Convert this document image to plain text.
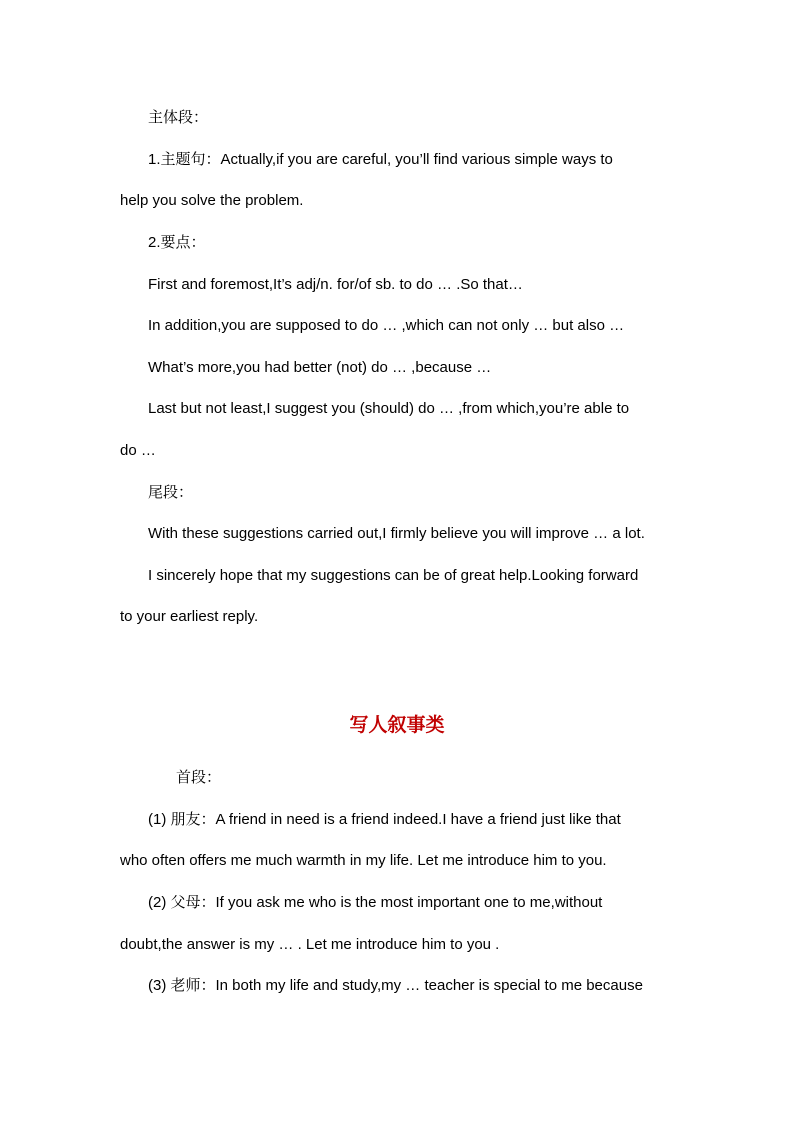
主体段：
1.主题句：Actually,if you are careful, you’ll find various simple ways to
help you solve the problem.
2.要点：
First and foremost,It’s adj/n. for/of sb. to do … .So that…
In addition,you are supposed to do … ,which can not only … but also …
What’s more,you had better (not) do … ,because …
Last but not least,I suggest you (should) do … ,from which,you’re able to
do …
尾段：
With these suggestions carried out,I firmly believe you will improve … a lot.
I sincerely hope that my suggestions can be of great help.Looking forward
to your earliest reply.
写人叙事类
首段：
(1) 朋友：A friend in need is a friend indeed.I have a friend just like that
who often offers me much warmth in my life. Let me introduce him to you.
(2) 父母：If you ask me who is the most important one to me,without
doubt,the answer is my … . Let me introduce him to you .
(3) 老师：In both my life and study,my … teacher is special to me because
